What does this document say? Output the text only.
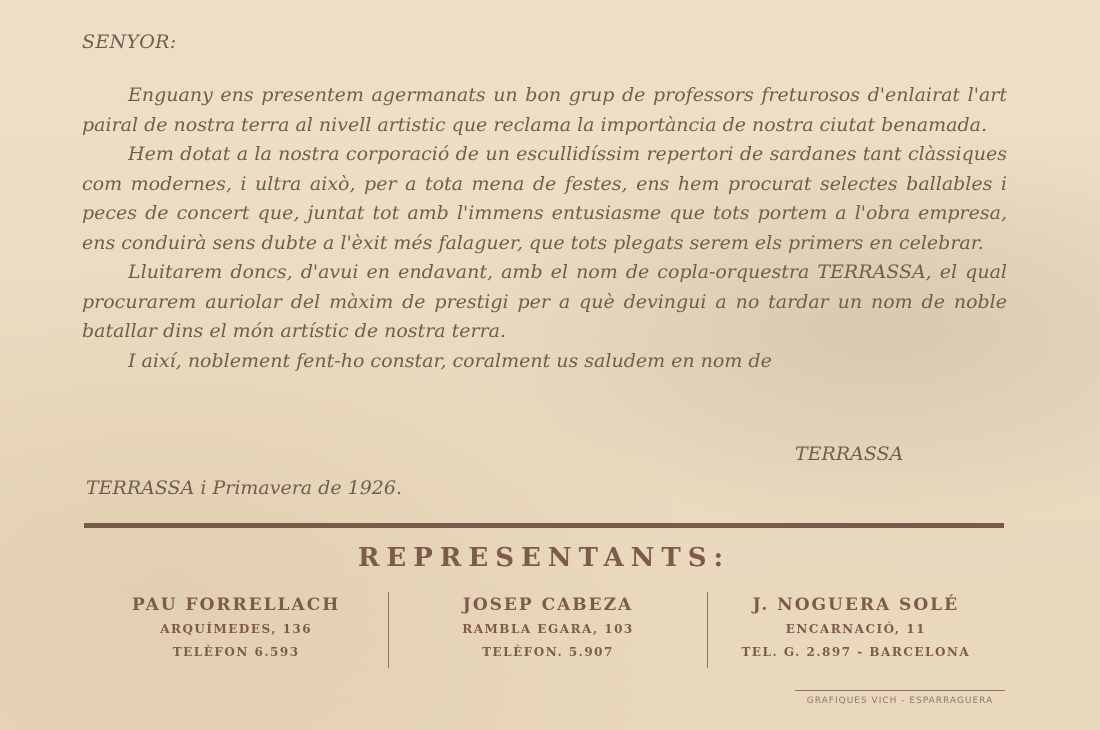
SENYOR:

Enguany ens presentem agermanats un bon grup de professors freturosos d'enlairat l'art pairal de nostra terra al nivell artistic que reclama la importància de nostra ciutat benamada.

Hem dotat a la nostra corporació de un escullidíssim repertori de sardanes tant clàssiques com modernes, i ultra això, per a tota mena de festes, ens hem procurat selectes ballables i peces de concert que, juntat tot amb l'immens entusiasme que tots portem a l'obra empresa, ens conduirà sens dubte a l'èxit més falaguer, que tots plegats serem els primers en celebrar.

Lluitarem doncs, d'avui en endavant, amb el nom de copla-orquestra TERRASSA, el qual procurarem auriolar del màxim de prestigi per a què devingui a no tardar un nom de noble batallar dins el món artístic de nostra terra.

I així, noblement fent-ho constar, coralment us saludem en nom de

TERRASSA
TERRASSA i Primavera de 1926.
REPRESENTANTS:
PAU FORRELLACH
ARQUÍMEDES, 136
TELÈFON 6.593
JOSEP CABEZA
RAMBLA EGARA, 103
TELÈFON. 5.907
J. NOGUERA SOLÉ
ENCARNACIÓ, 11
TEL. G. 2.897 - BARCELONA
GRAFIQUES VICH - ESPARRAGUERA
